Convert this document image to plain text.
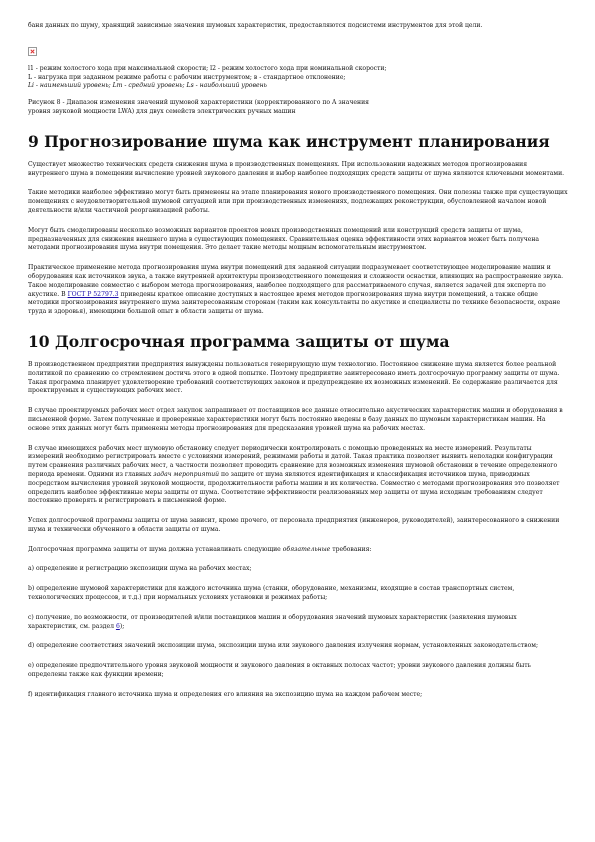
баня данных по шуму, хранящий зависимые значения шумовых характеристик, предоставляются подсистеми инструментов для этой цели.

l1 - режим холостого хода при максимальной скорости; l2 - режим холостого хода при номинальной скорости;

L - нагрузка при заданном режиме работы с рабочим инструментом; в - стандартное отклонение;

Li - наименьший уровень; Lm - средний уровень; Ls - наибольший уровень

Рисунок 8 - Диапазон изменения значений шумовой характеристики (корректированного по A значения

уровня звуковой мощности LWA) для двух семейств электрических ручных машин

9 Прогнозирование шума как инструмент планирования

Существует множество технических средств снижения шума в производственных помещениях. При использовании надежных методов прогнозирования внутреннего шума в помещении вычисление уровней звукового давления и выбор наиболее подходящих средств защиты от шума являются ключевыми моментами.

Такие методики наиболее эффективно могут быть применены на этапе планирования нового производственного помещения. Они полезны также при существующих помещениях с неудовлетворительной шумовой ситуацией или при производственных изменениях, подлежащих реконструкции, обусловленной началом новой деятельности и/или частичной реорганизацией работы.

Могут быть смоделированы несколько возможных вариантов проектов новых производственных помещений или конструкций средств защиты от шума, предназначенных для снижения внешнего шума в существующих помещениях. Сравнительная оценка эффективности этих вариантов может быть получена методами прогнозирования шума внутри помещения. Это делает такие методы мощным вспомогательным инструментом.

Практическое применение метода прогнозирования шума внутри помещений для заданной ситуации подразумевает соответствующее моделирование машин и оборудования как источников звука, а также внутренней архитектуры производственного помещения и сложности оснастки, влияющих на распространение звука. Такое моделирование совместно с выбором метода прогнозирования, наиболее подходящего для рассматриваемого случая, является задачей для эксперта по акустике. В ГОСТ Р 52797.3 приведены краткое описание доступных в настоящее время методов прогнозирования шума внутри помещений, а также общие методики прогнозирования внутреннего шума заинтересованным сторонам (таким как консультанты по акустике и специалисты по технике безопасности, охране труда и здоровья), имеющими большой опыт в области защиты от шума.

10 Долгосрочная программа защиты от шума

В производственном предприятии предприятия вынуждены пользоваться генерирующую шум технологию. Постоянное снижение шума является более реальной политикой по сравнению со стремлением достичь этого в одной попытке. Поэтому предприятие заинтересовано иметь долгосрочную программу защиты от шума. Такая программа планирует удовлетворение требований соответствующих законов и предупреждение их возможных изменений. Ее содержание различается для проектируемых и существующих рабочих мест.

В случае проектируемых рабочих мест отдел закупок запрашивает от поставщиков все данные относительно акустических характеристик машин и оборудования в письменной форме. Затем полученные и проверенные характеристики могут быть постоянно введены в базу данных по шумовым характеристикам машин. На основе этих данных могут быть применены методы прогнозирования для предсказания уровней шума на рабочих местах.

В случае имеющихся рабочих мест шумовую обстановку следует периодически контролировать с помощью проведенных на месте измерений. Результаты измерений необходимо регистрировать вместе с условиями измерений, режимами работы и датой. Такая практика позволяет выявить неполадки конфигурации путем сравнения различных рабочих мест, а частности позволяет проводить сравнение для возможных изменения шумовой обстановки в течение определенного периода времени. Одними из главных задач мероприятий по защите от шума являются идентификация и классификация источников шума, приводимых посредством вычисления уровней звуковой мощности, продолжительности работы машин и их количества. Совместно с методами прогнозирования это позволяет определить наиболее эффективные меры защиты от шума. Соответствие эффективности реализованных мер защиты от шума исходным требованиям следует постоянно проверять и регистрировать в письменной форме.

Успех долгосрочной программы защиты от шума зависит, кроме прочего, от персонала предприятия (инженеров, руководителей), заинтересованного в снижении шума и технически обученного в области защиты от шума.

Долгосрочная программа защиты от шума должна устанавливать следующие обязательные требования:

а) определение и регистрацию экспозиции шума на рабочих местах;

b) определение шумовой характеристики для каждого источника шума (станки, оборудование, механизмы, входящие в состав транспортных систем, технологических процессов, и т.д.) при нормальных условиях установки и режимах работы;

c) получение, по возможности, от производителей и/или поставщиков машин и оборудования значений шумовых характеристик (заявления шумовых характеристик, см. раздел 6);

d) определение соответствия значений экспозиции шума, экспозиции шума или звукового давления излучения нормам, установленных законодательством;

e) определение предпочтительного уровня звуковой мощности и звукового давления в октавных полосах частот; уровни звукового давления должны быть определены также как функции времени;

f) идентификация главного источника шума и определения его влияния на экспозицию шума на каждом рабочем месте;
